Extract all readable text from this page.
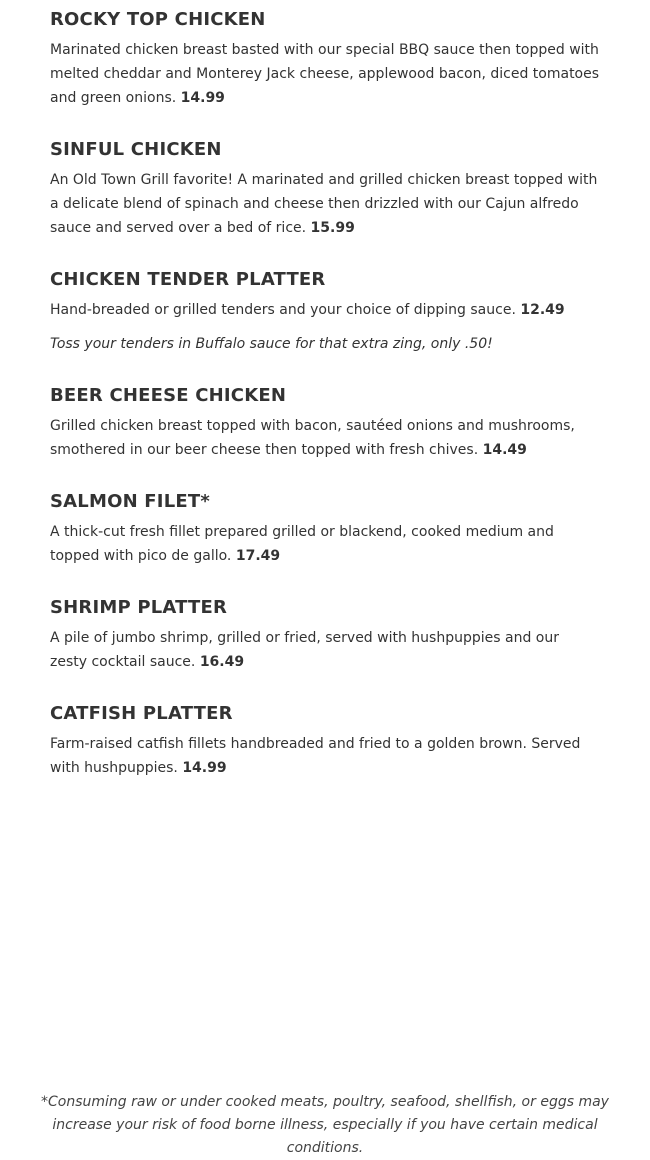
ROCKY TOP CHICKEN

Marinated chicken breast basted with our special BBQ sauce then topped with melted cheddar and Monterey Jack cheese, applewood bacon, diced tomatoes and green onions. 14.99

SINFUL CHICKEN

An Old Town Grill favorite! A marinated and grilled chicken breast topped with a delicate blend of spinach and cheese then drizzled with our Cajun alfredo sauce and served over a bed of rice. 15.99

CHICKEN TENDER PLATTER

Hand-breaded or grilled tenders and your choice of dipping sauce. 12.49

Toss your tenders in Buffalo sauce for that extra zing, only .50!

BEER CHEESE CHICKEN

Grilled chicken breast topped with bacon, sautéed onions and mushrooms, smothered in our beer cheese then topped with fresh chives. 14.49

SALMON FILET*

A thick-cut fresh fillet prepared grilled or blackend, cooked medium and topped with pico de gallo. 17.49

SHRIMP PLATTER

A pile of jumbo shrimp, grilled or fried, served with hushpuppies and our zesty cocktail sauce. 16.49

CATFISH PLATTER

Farm-raised catfish fillets handbreaded and fried to a golden brown. Served with hushpuppies. 14.99

*Consuming raw or under cooked meats, poultry, seafood, shellfish, or eggs may increase your risk of food borne illness, especially if you have certain medical conditions.
